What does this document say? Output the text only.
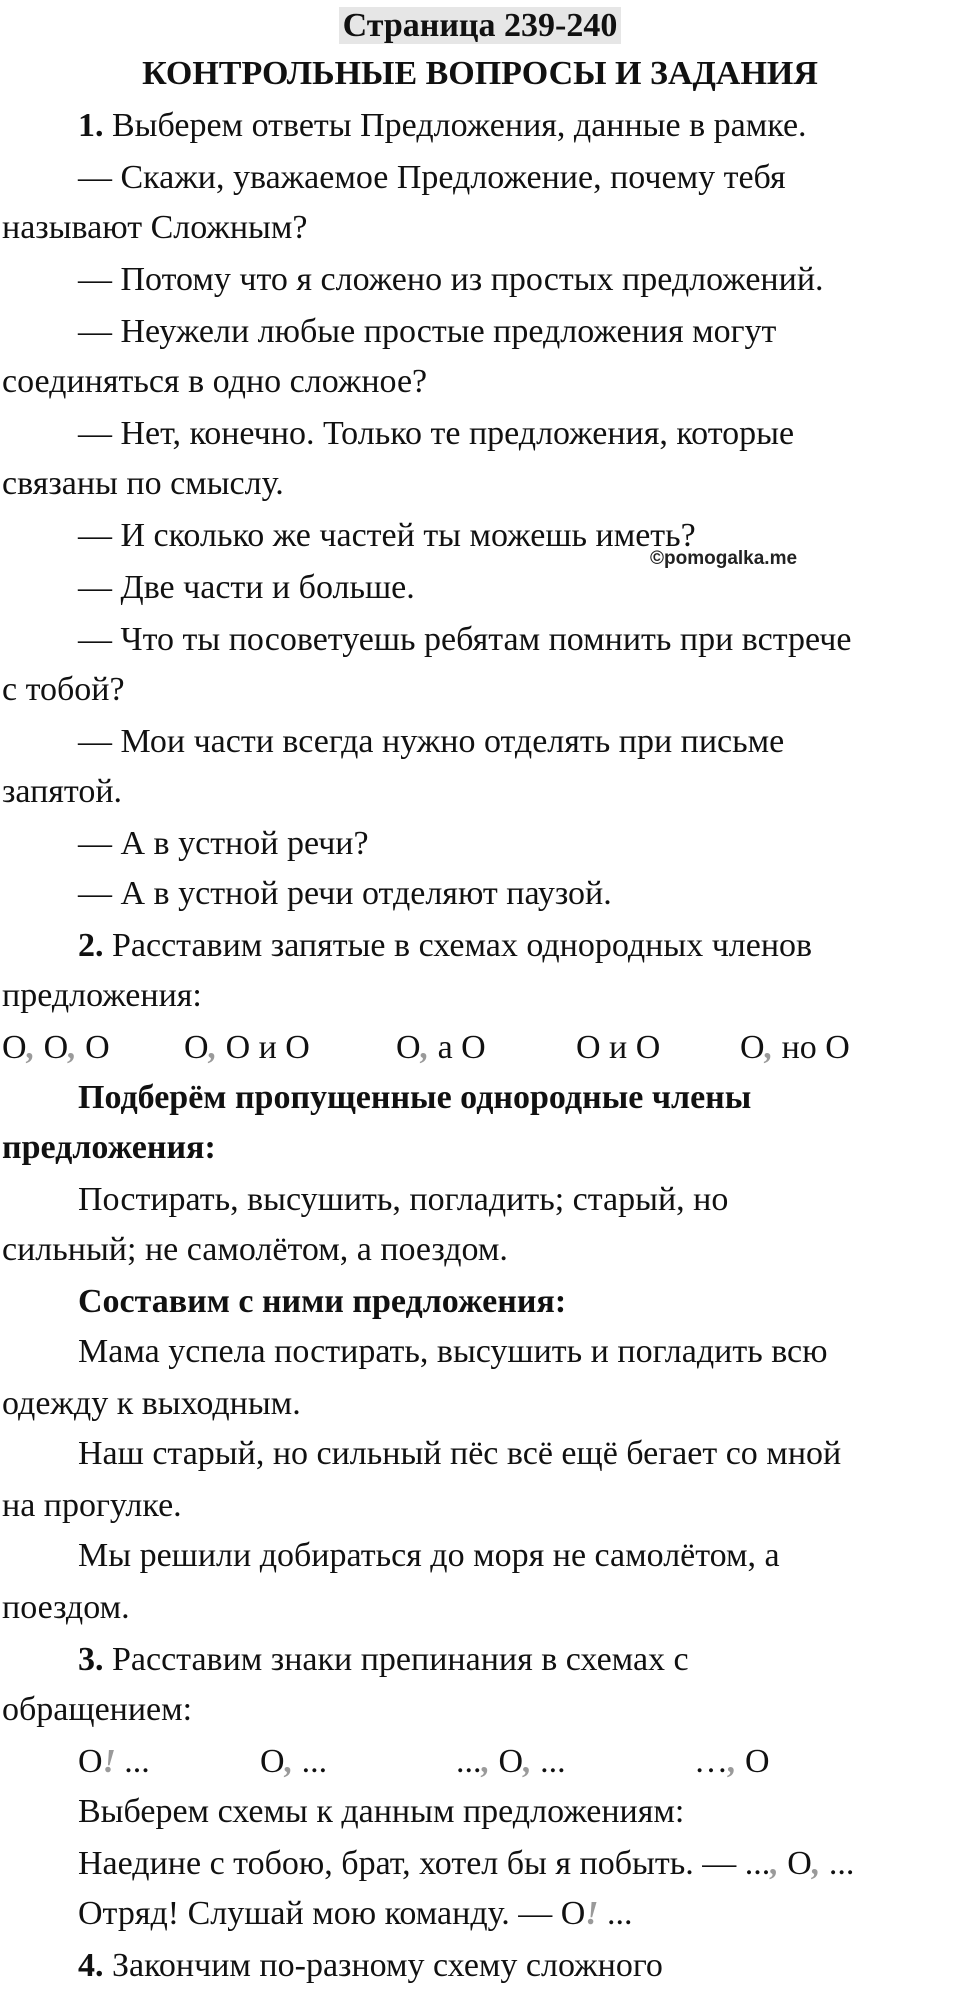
Страница 239-240
КОНТРОЛЬНЫЕ ВОПРОСЫ И ЗАДАНИЯ
©pomogalka.me
1. Выберем ответы Предложения, данные в рамке.
— Скажи, уважаемое Предложение, почему тебя
называют Сложным?
— Потому что я сложено из простых предложений.
— Неужели любые простые предложения могут
соединяться в одно сложное?
— Нет, конечно. Только те предложения, которые
связаны по смыслу.
— И сколько же частей ты можешь иметь?
— Две части и больше.
— Что ты посоветуешь ребятам помнить при встрече
с тобой?
— Мои части всегда нужно отделять при письме
запятой.
— А в устной речи?
— А в устной речи отделяют паузой.
2. Расставим запятые в схемах однородных членов
предложения:
О, О, О О, О и О	О, а О	О и О О, но О
Подберём пропущенные однородные члены
предложения:
Постирать, высушить, погладить; старый, но
сильный; не самолётом, а поездом.
Составим с ними предложения:
Мама успела постирать, высушить и погладить всю
одежду к выходным.
Наш старый, но сильный пёс всё ещё бегает со мной
на прогулке.
Мы решили добираться до моря не самолётом, а
поездом.
3. Расставим знаки препинания в схемах с
обращением:
О! ...	О, ...	..., О, ...	…, О
Выберем схемы к данным предложениям:
Наедине с тобою, брат, хотел бы я побыть. — ..., О, ...
Отряд! Слушай мою команду. — О! ...
4. Закончим по-разному схему сложного
